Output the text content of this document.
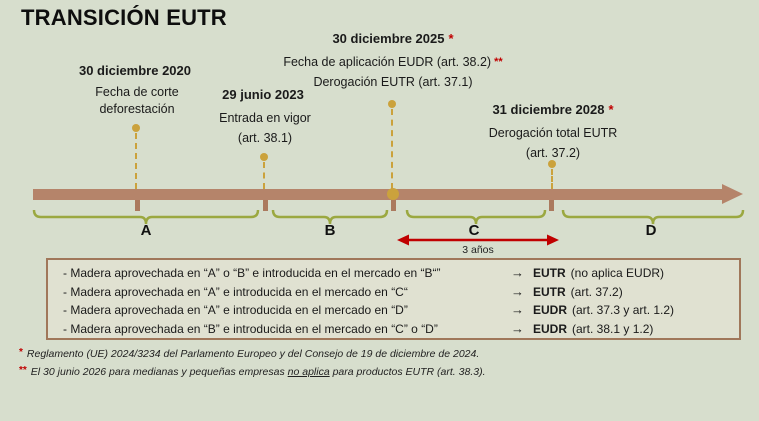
TRANSICIÓN EUTR
30 diciembre 2020
Fecha de corte
deforestación
29 junio 2023
Entrada en vigor
(art. 38.1)
30 diciembre 2025 *
Fecha de aplicación EUDR (art. 38.2) **
Derogación EUTR (art. 37.1)
31 diciembre 2028 *
Derogación total EUTR
(art. 37.2)
A	B	C	D
3 años
- Madera aprovechada en “A” o “B” e introducida en el mercado en “B“”	→ EUTR (no aplica EUDR)
- Madera aprovechada en “A” e introducida en el mercado en “C“	→ EUTR (art. 37.2)
- Madera aprovechada en “A” e introducida en el mercado en “D”	→ EUDR (art. 37.3 y art. 1.2)
- Madera aprovechada en “B” e introducida en el mercado en “C” o “D”	→ EUDR (art. 38.1 y 1.2)
* Reglamento (UE) 2024/3234 del Parlamento Europeo y del Consejo de 19 de diciembre de 2024.
** El 30 junio 2026 para medianas y pequeñas empresas no aplica para productos EUTR (art. 38.3).
